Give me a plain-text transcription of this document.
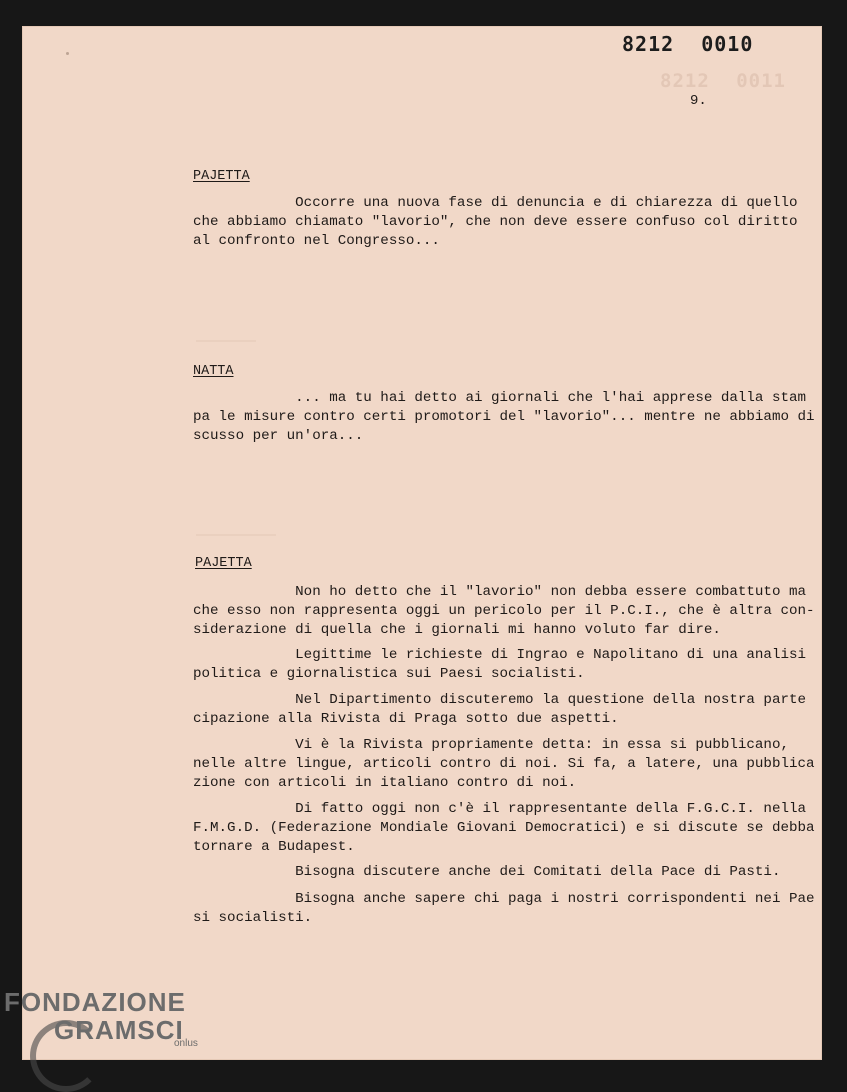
8212 0010
8212 0011
9.
PAJETTA
Occorre una nuova fase di denuncia e di chiarezza di quello
che abbiamo chiamato "lavorio", che non deve essere confuso col diritto
al confronto nel Congresso...
NATTA
... ma tu hai detto ai giornali che l'hai apprese dalla stam
pa le misure contro certi promotori del "lavorio"... mentre ne abbiamo
scusso per un'ora...
PAJETTA
Non ho detto che il "lavorio" non debba essere combattuto
che esso non rappresenta oggi un pericolo per il P.C.I., che è altra
siderazione di quella che i giornali mi hanno voluto far dire.
Legittime le richieste di Ingrao e Napolitano di una analisi
politica e giornalistica sui Paesi socialisti.
Nel Dipartimento discuteremo la questione della nostra parte
cipazione alla Rivista di Praga sotto due aspetti.
Vi è la Rivista propriamente detta: in essa si pubblicano,
nelle altre lingue, articoli contro di noi. Si fa, a latere, una pubblica
zione con articoli in italiano contro di noi.
Di fatto oggi non c'è il rappresentante della F.G.C.I. nella
F.M.G.D. (Federazione Mondiale Giovani Democratici) e si discute se
tornare a Budapest.
Bisogna discutere anche dei Comitati della Pace di Pasti.
Bisogna anche sapere chi paga i nostri corrispondenti nei
si socialisti.
FONDAZIONE
GRAMSCI
onlus
